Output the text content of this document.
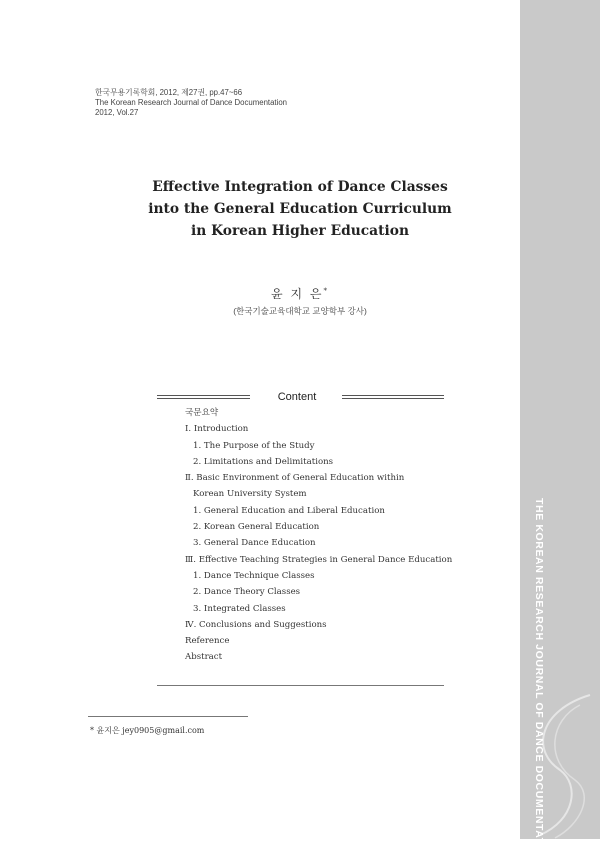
THE KOREAN RESEARCH JOURNAL OF DANCE DOCUMENTATION
한국무용기록학회, 2012, 제27권, pp.47~66
The Korean Research Journal of Dance Documentation
2012, Vol.27
Effective Integration of Dance Classes
into the General Education Curriculum
in Korean Higher Education
윤 지 은*
(한국기술교육대학교 교양학부 강사)
Content
국문요약
Ⅰ. Introduction
1. The Purpose of the Study
2. Limitations and Delimitations
Ⅱ. Basic Environment of General Education within
Korean University System
1. General Education and Liberal Education
2. Korean General Education
3. General Dance Education
Ⅲ. Effective Teaching Strategies in General Dance Education
1. Dance Technique Classes
2. Dance Theory Classes
3. Integrated Classes
Ⅳ. Conclusions and Suggestions
Reference
Abstract
* 윤지은 jey0905@gmail.com
